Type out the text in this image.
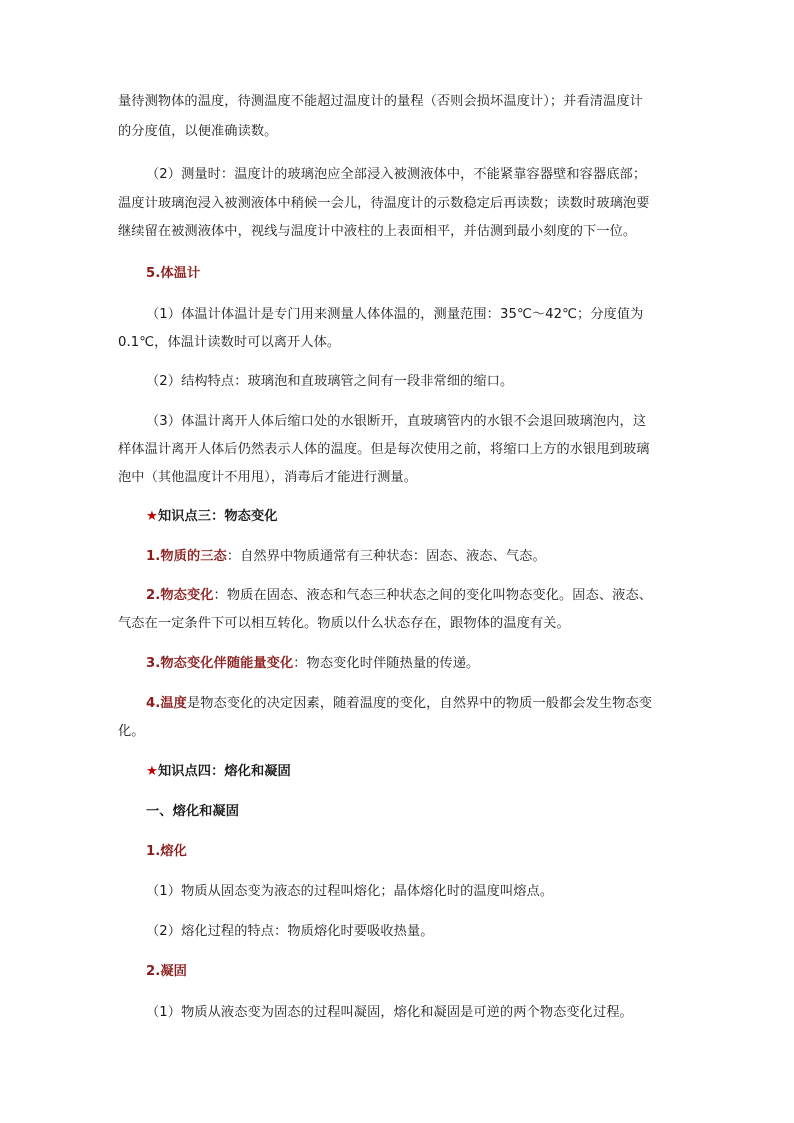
量待测物体的温度，待测温度不能超过温度计的量程（否则会损坏温度计）；并看清温度计
的分度值，以便准确读数。
（2）测量时：温度计的玻璃泡应全部浸入被测液体中，不能紧靠容器壁和容器底部；
温度计玻璃泡浸入被测液体中稍候一会儿，待温度计的示数稳定后再读数；读数时玻璃泡要
继续留在被测液体中，视线与温度计中液柱的上表面相平，并估测到最小刻度的下一位。
5.体温计
（1）体温计体温计是专门用来测量人体体温的，测量范围：35℃～42℃；分度值为
0.1℃，体温计读数时可以离开人体。
（2）结构特点：玻璃泡和直玻璃管之间有一段非常细的缩口。
（3）体温计离开人体后缩口处的水银断开，直玻璃管内的水银不会退回玻璃泡内，这
样体温计离开人体后仍然表示人体的温度。但是每次使用之前，将缩口上方的水银甩到玻璃
泡中（其他温度计不用甩），消毒后才能进行测量。
★知识点三：物态变化
1.物质的三态：自然界中物质通常有三种状态：固态、液态、气态。
2.物态变化：物质在固态、液态和气态三种状态之间的变化叫物态变化。固态、液态、
气态在一定条件下可以相互转化。物质以什么状态存在，跟物体的温度有关。
3.物态变化伴随能量变化：物态变化时伴随热量的传递。
4.温度是物态变化的决定因素，随着温度的变化，自然界中的物质一般都会发生物态变
化。
★知识点四：熔化和凝固
一、熔化和凝固
1.熔化
（1）物质从固态变为液态的过程叫熔化；晶体熔化时的温度叫熔点。
（2）熔化过程的特点：物质熔化时要吸收热量。
2.凝固
（1）物质从液态变为固态的过程叫凝固，熔化和凝固是可逆的两个物态变化过程。
